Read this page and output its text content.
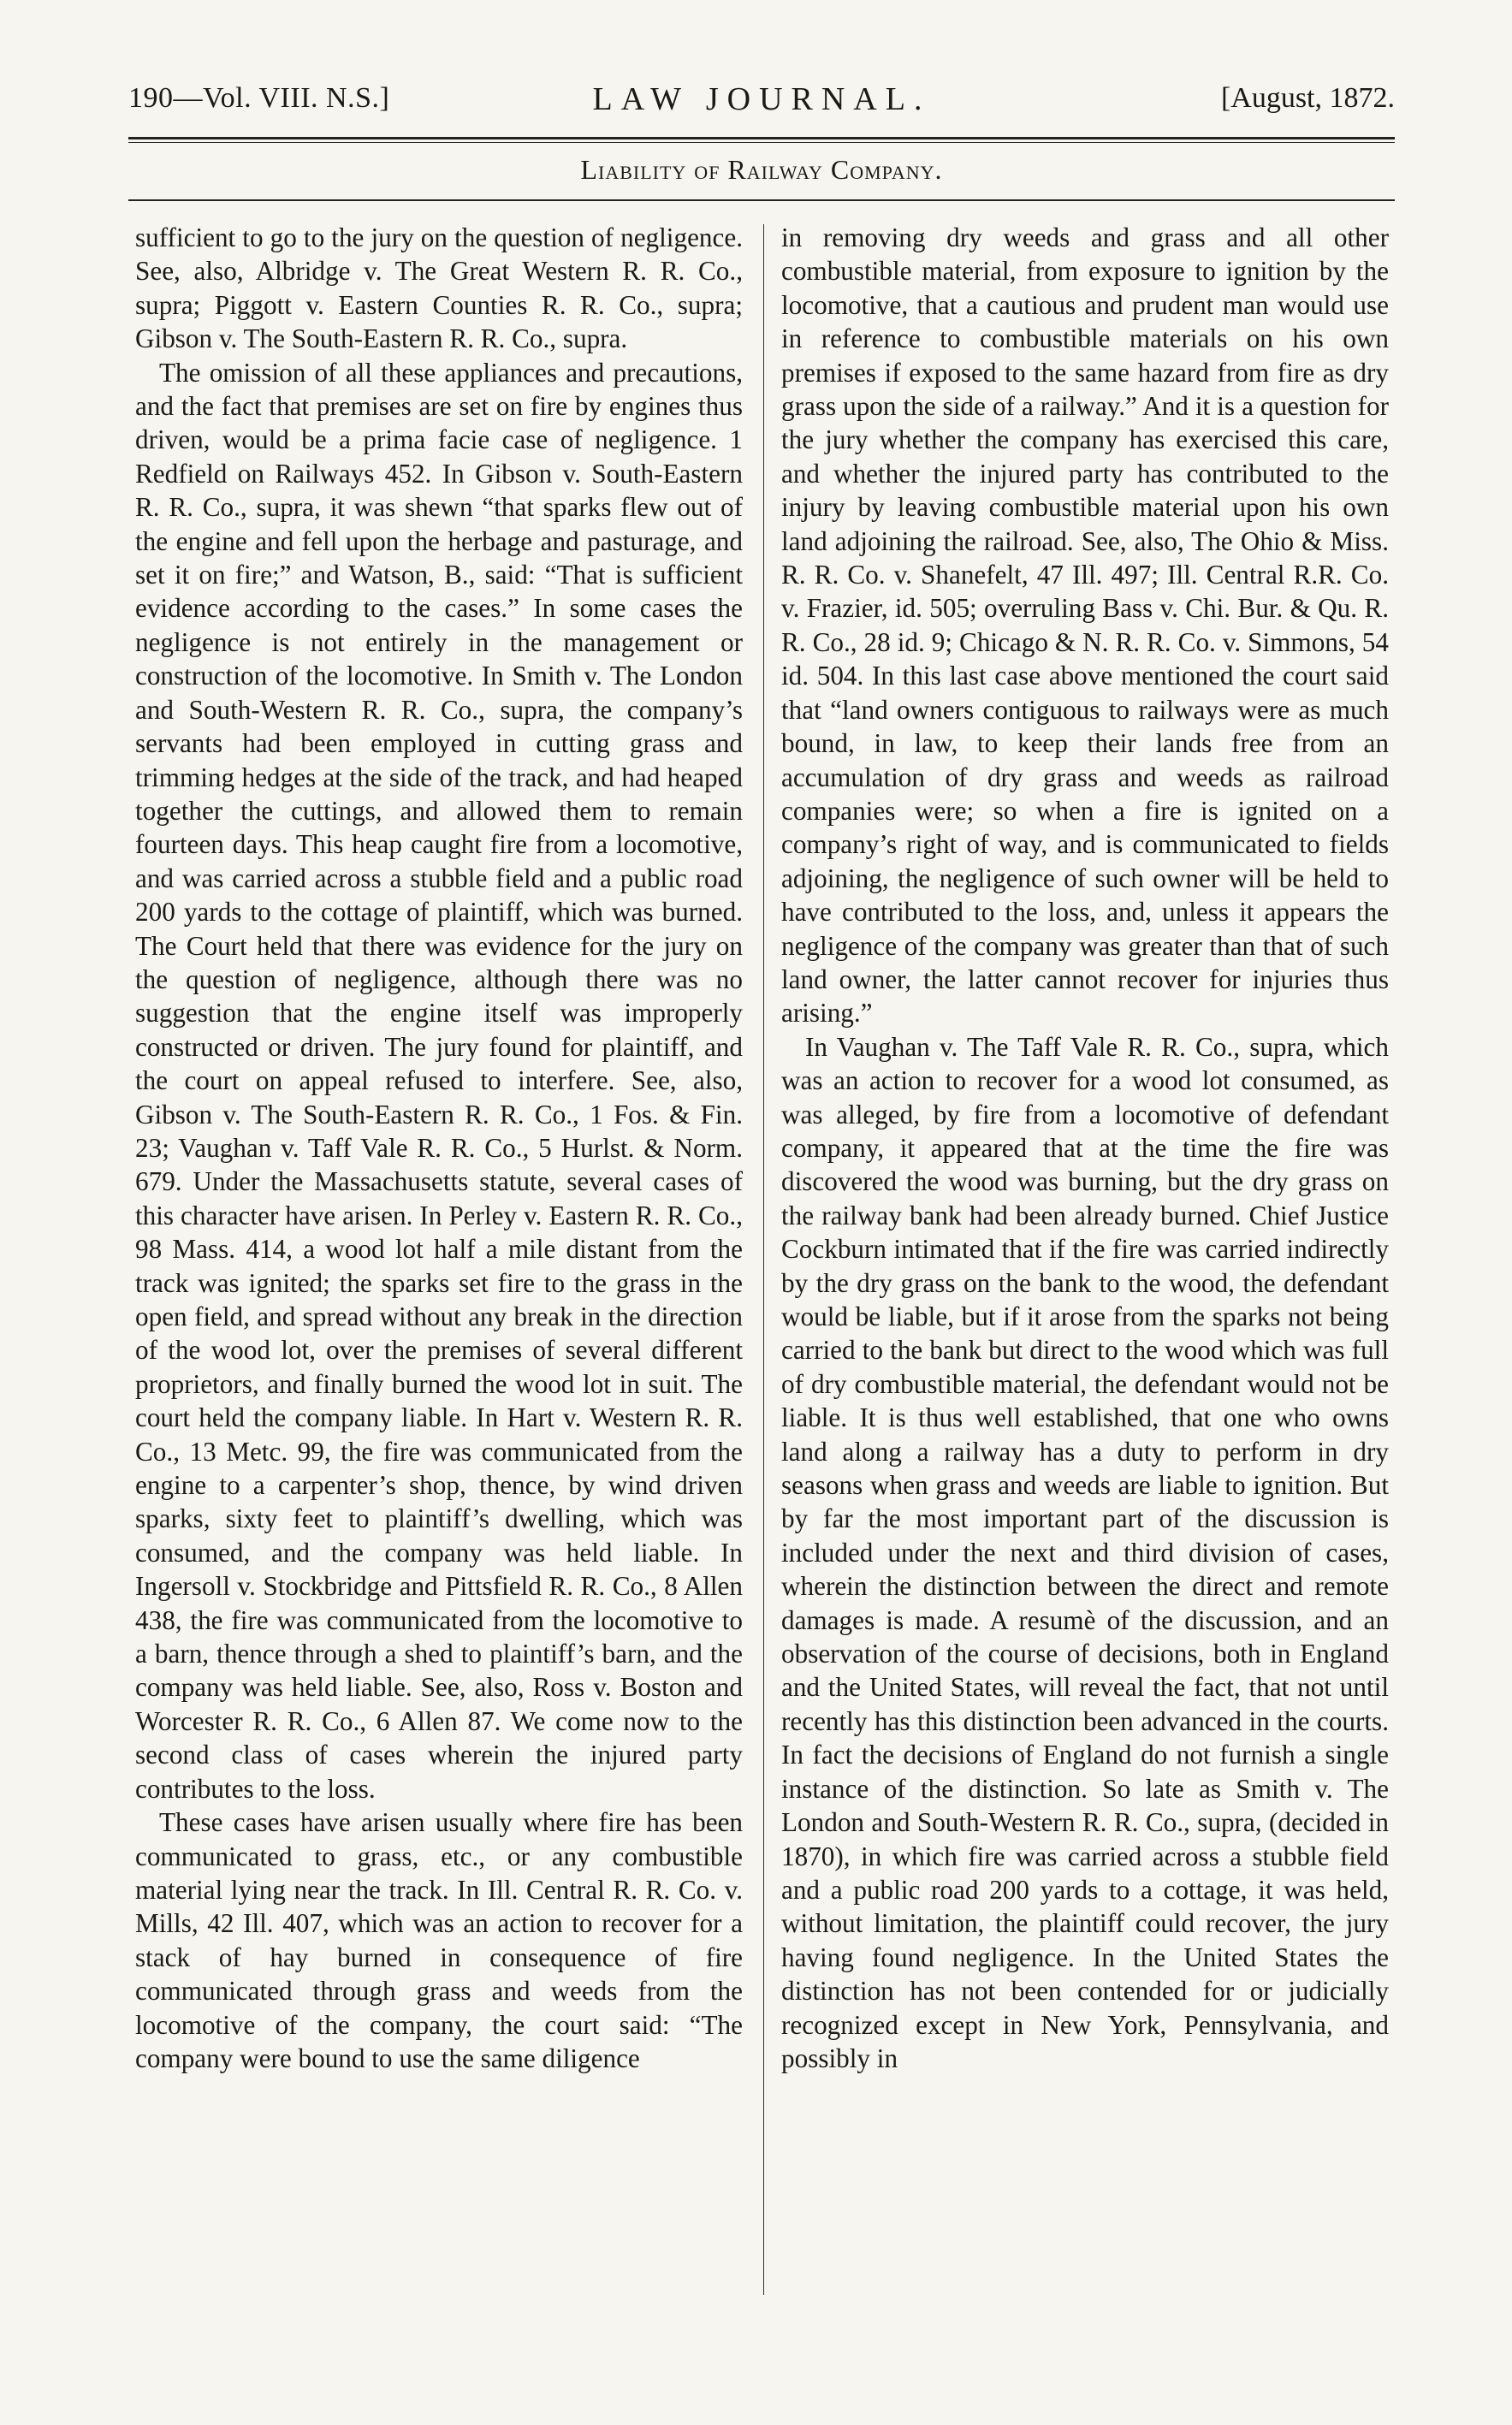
190—Vol. VIII. N.S.]	LAW JOURNAL.	[August, 1872.
Liability of Railway Company.

sufficient to go to the jury on the question of negligence. See, also, Albridge v. The Great Western R. R. Co., supra; Piggott v. Eastern Counties R. R. Co., supra; Gibson v. The South-Eastern R. R. Co., supra.

The omission of all these appliances and precautions, and the fact that premises are set on fire by engines thus driven, would be a prima facie case of negligence. 1 Redfield on Railways 452. In Gibson v. South-Eastern R. R. Co., supra, it was shewn “that sparks flew out of the engine and fell upon the herbage and pasturage, and set it on fire;” and Watson, B., said: “That is sufficient evidence according to the cases.” In some cases the negligence is not entirely in the management or construction of the locomotive. In Smith v. The London and South-Western R. R. Co., supra, the company’s servants had been employed in cutting grass and trimming hedges at the side of the track, and had heaped together the cuttings, and allowed them to remain fourteen days. This heap caught fire from a locomotive, and was carried across a stubble field and a public road 200 yards to the cottage of plaintiff, which was burned. The Court held that there was evidence for the jury on the question of negligence, although there was no suggestion that the engine itself was improperly constructed or driven. The jury found for plaintiff, and the court on appeal refused to interfere. See, also, Gibson v. The South-Eastern R. R. Co., 1 Fos. & Fin. 23; Vaughan v. Taff Vale R. R. Co., 5 Hurlst. & Norm. 679. Under the Massachusetts statute, several cases of this character have arisen. In Perley v. Eastern R. R. Co., 98 Mass. 414, a wood lot half a mile distant from the track was ignited; the sparks set fire to the grass in the open field, and spread without any break in the direction of the wood lot, over the premises of several different proprietors, and finally burned the wood lot in suit. The court held the company liable. In Hart v. Western R. R. Co., 13 Metc. 99, the fire was communicated from the engine to a carpenter’s shop, thence, by wind driven sparks, sixty feet to plaintiff’s dwelling, which was consumed, and the company was held liable. In Ingersoll v. Stockbridge and Pittsfield R. R. Co., 8 Allen 438, the fire was communicated from the locomotive to a barn, thence through a shed to plaintiff’s barn, and the company was held liable. See, also, Ross v. Boston and Worcester R. R. Co., 6 Allen 87. We come now to the second class of cases wherein the injured party contributes to the loss.

These cases have arisen usually where fire has been communicated to grass, etc., or any combustible material lying near the track. In Ill. Central R. R. Co. v. Mills, 42 Ill. 407, which was an action to recover for a stack of hay burned in consequence of fire communicated through grass and weeds from the locomotive of the company, the court said: “The company were bound to use the same diligence

in removing dry weeds and grass and all other combustible material, from exposure to ignition by the locomotive, that a cautious and prudent man would use in reference to combustible materials on his own premises if exposed to the same hazard from fire as dry grass upon the side of a railway.” And it is a question for the jury whether the company has exercised this care, and whether the injured party has contributed to the injury by leaving combustible material upon his own land adjoining the railroad. See, also, The Ohio & Miss. R. R. Co. v. Shanefelt, 47 Ill. 497; Ill. Central R.R. Co. v. Frazier, id. 505; overruling Bass v. Chi. Bur. & Qu. R. R. Co., 28 id. 9; Chicago & N. R. R. Co. v. Simmons, 54 id. 504. In this last case above mentioned the court said that “land owners contiguous to railways were as much bound, in law, to keep their lands free from an accumulation of dry grass and weeds as railroad companies were; so when a fire is ignited on a company’s right of way, and is communicated to fields adjoining, the negligence of such owner will be held to have contributed to the loss, and, unless it appears the negligence of the company was greater than that of such land owner, the latter cannot recover for injuries thus arising.”

In Vaughan v. The Taff Vale R. R. Co., supra, which was an action to recover for a wood lot consumed, as was alleged, by fire from a locomotive of defendant company, it appeared that at the time the fire was discovered the wood was burning, but the dry grass on the railway bank had been already burned. Chief Justice Cockburn intimated that if the fire was carried indirectly by the dry grass on the bank to the wood, the defendant would be liable, but if it arose from the sparks not being carried to the bank but direct to the wood which was full of dry combustible material, the defendant would not be liable. It is thus well established, that one who owns land along a railway has a duty to perform in dry seasons when grass and weeds are liable to ignition. But by far the most important part of the discussion is included under the next and third division of cases, wherein the distinction between the direct and remote damages is made. A resumè of the discussion, and an observation of the course of decisions, both in England and the United States, will reveal the fact, that not until recently has this distinction been advanced in the courts. In fact the decisions of England do not furnish a single instance of the distinction. So late as Smith v. The London and South-Western R. R. Co., supra, (decided in 1870), in which fire was carried across a stubble field and a public road 200 yards to a cottage, it was held, without limitation, the plaintiff could recover, the jury having found negligence. In the United States the distinction has not been contended for or judicially recognized except in New York, Pennsylvania, and possibly in
